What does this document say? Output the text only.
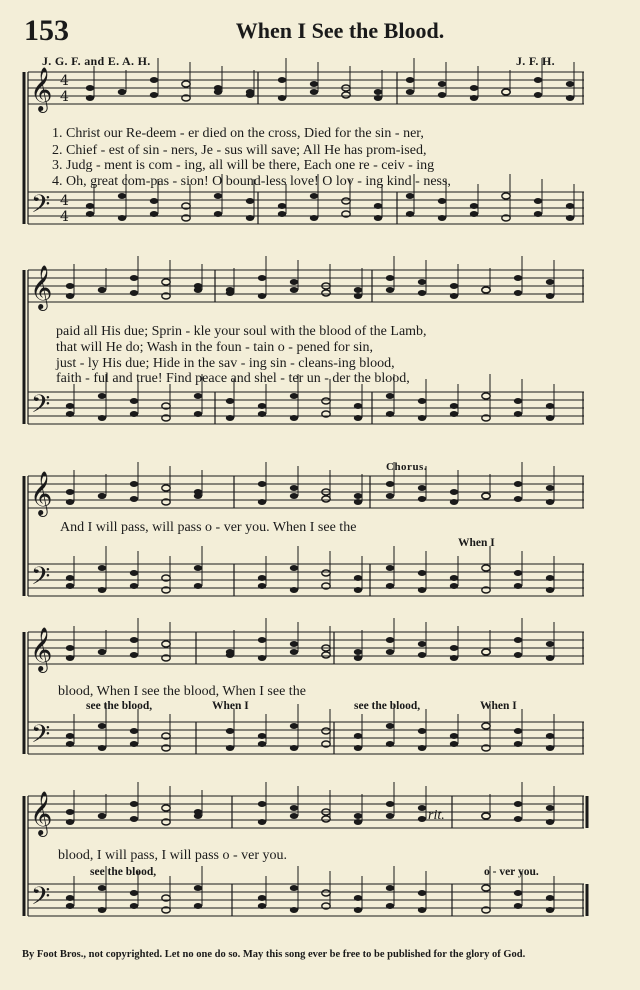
153	When I See the Blood.
J. G. F. and E. A. H.	J. F. H.
𝄞
𝄢
4
4
4
4
𝄞
𝄢
𝄞
𝄢
𝄞
𝄢
𝄞
𝄢
1. Christ our Re-deem - er died on the cross, Died for the sin - ner,
2. Chief - est of sin - ners, Je - sus will save; All He has prom-ised,
3. Judg - ment is com - ing, all will be there, Each one re - ceiv - ing
4. Oh, great com-pas - sion! O bound-less love! O lov - ing kind - ness,
paid all His due; Sprin - kle your soul with the blood of the Lamb,
that will He do; Wash in the foun - tain o - pened for sin,
just - ly His due; Hide in the sav - ing sin - cleans-ing blood,
faith - ful and true! Find peace and shel - ter un - der the blood,
Chorus.
And I will pass, will pass o - ver you. When I see the
When I
blood, When I see the blood, When I see the
see the blood,	When I	see the blood,	When I
rit.
blood, I will pass, I will pass o - ver you.
see the blood,	o - ver you.
By Foot Bros., not copyrighted. Let no one do so. May this song ever be free to be published for the glory of God.
